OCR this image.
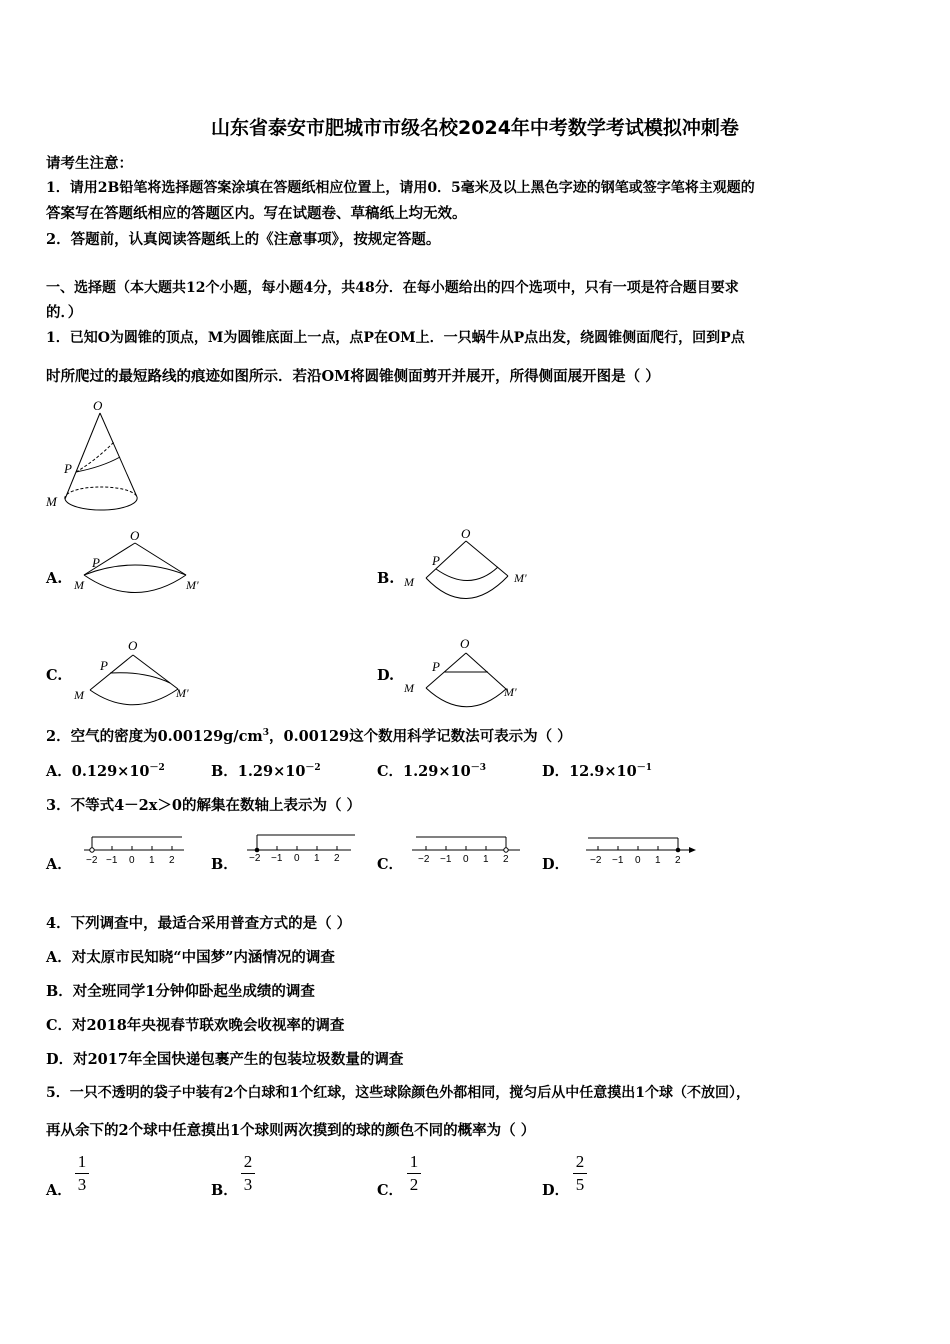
山东省泰安市肥城市市级名校2024年中考数学考试模拟冲刺卷
请考生注意：
1．请用2B铅笔将选择题答案涂填在答题纸相应位置上，请用0．5毫米及以上黑色字迹的钢笔或签字笔将主观题的
答案写在答题纸相应的答题区内。写在试题卷、草稿纸上均无效。
2．答题前，认真阅读答题纸上的《注意事项》，按规定答题。
一、选择题（本大题共12个小题，每小题4分，共48分．在每小题给出的四个选项中，只有一项是符合题目要求
的．）
1．已知O为圆锥的顶点，M为圆锥底面上一点，点P在OM上．一只蜗牛从P点出发，绕圆锥侧面爬行，回到P点
时所爬过的最短路线的痕迹如图所示．若沿OM将圆锥侧面剪开并展开，所得侧面展开图是（ ）
O
P
M
A.
O
P
M	M'	B.
O
P
M	M'
C.
O
P
M	M'
D.
O
P
M	M'
2．空气的密度为$0.00129g/cm^3$，0.00129这个数用科学记数法可表示为（ ）
A．$0.129\times 10^{-2}$	B．$1.29\times 10^{-2}$	C．$1.29\times 10^{-3}$	D．$12.9\times 10^{-1}$
3．不等式4－2x＞0的解集在数轴上表示为（ ）
A． −2 −1 0 1 2	B． −2 −1 0 1 2	C． −2 −1 0 1 2 D． −2 −1 0 1 2
4．下列调查中，最适合采用普查方式的是（ ）
A．对太原市民知晓“中国梦”内涵情况的调查
B．对全班同学1分钟仰卧起坐成绩的调查
C．对2018年央视春节联欢晚会收视率的调查
D．对2017年全国快递包裹产生的包装垃圾数量的调查
5．一只不透明的袋子中装有2个白球和1个红球，这些球除颜色外都相同，搅匀后从中任意摸出1个球（不放回），
再从余下的2个球中任意摸出1个球则两次摸到的球的颜色不同的概率为（ ）
A．
1
3	B．
2
3	C．
1
2	D．
2
5
